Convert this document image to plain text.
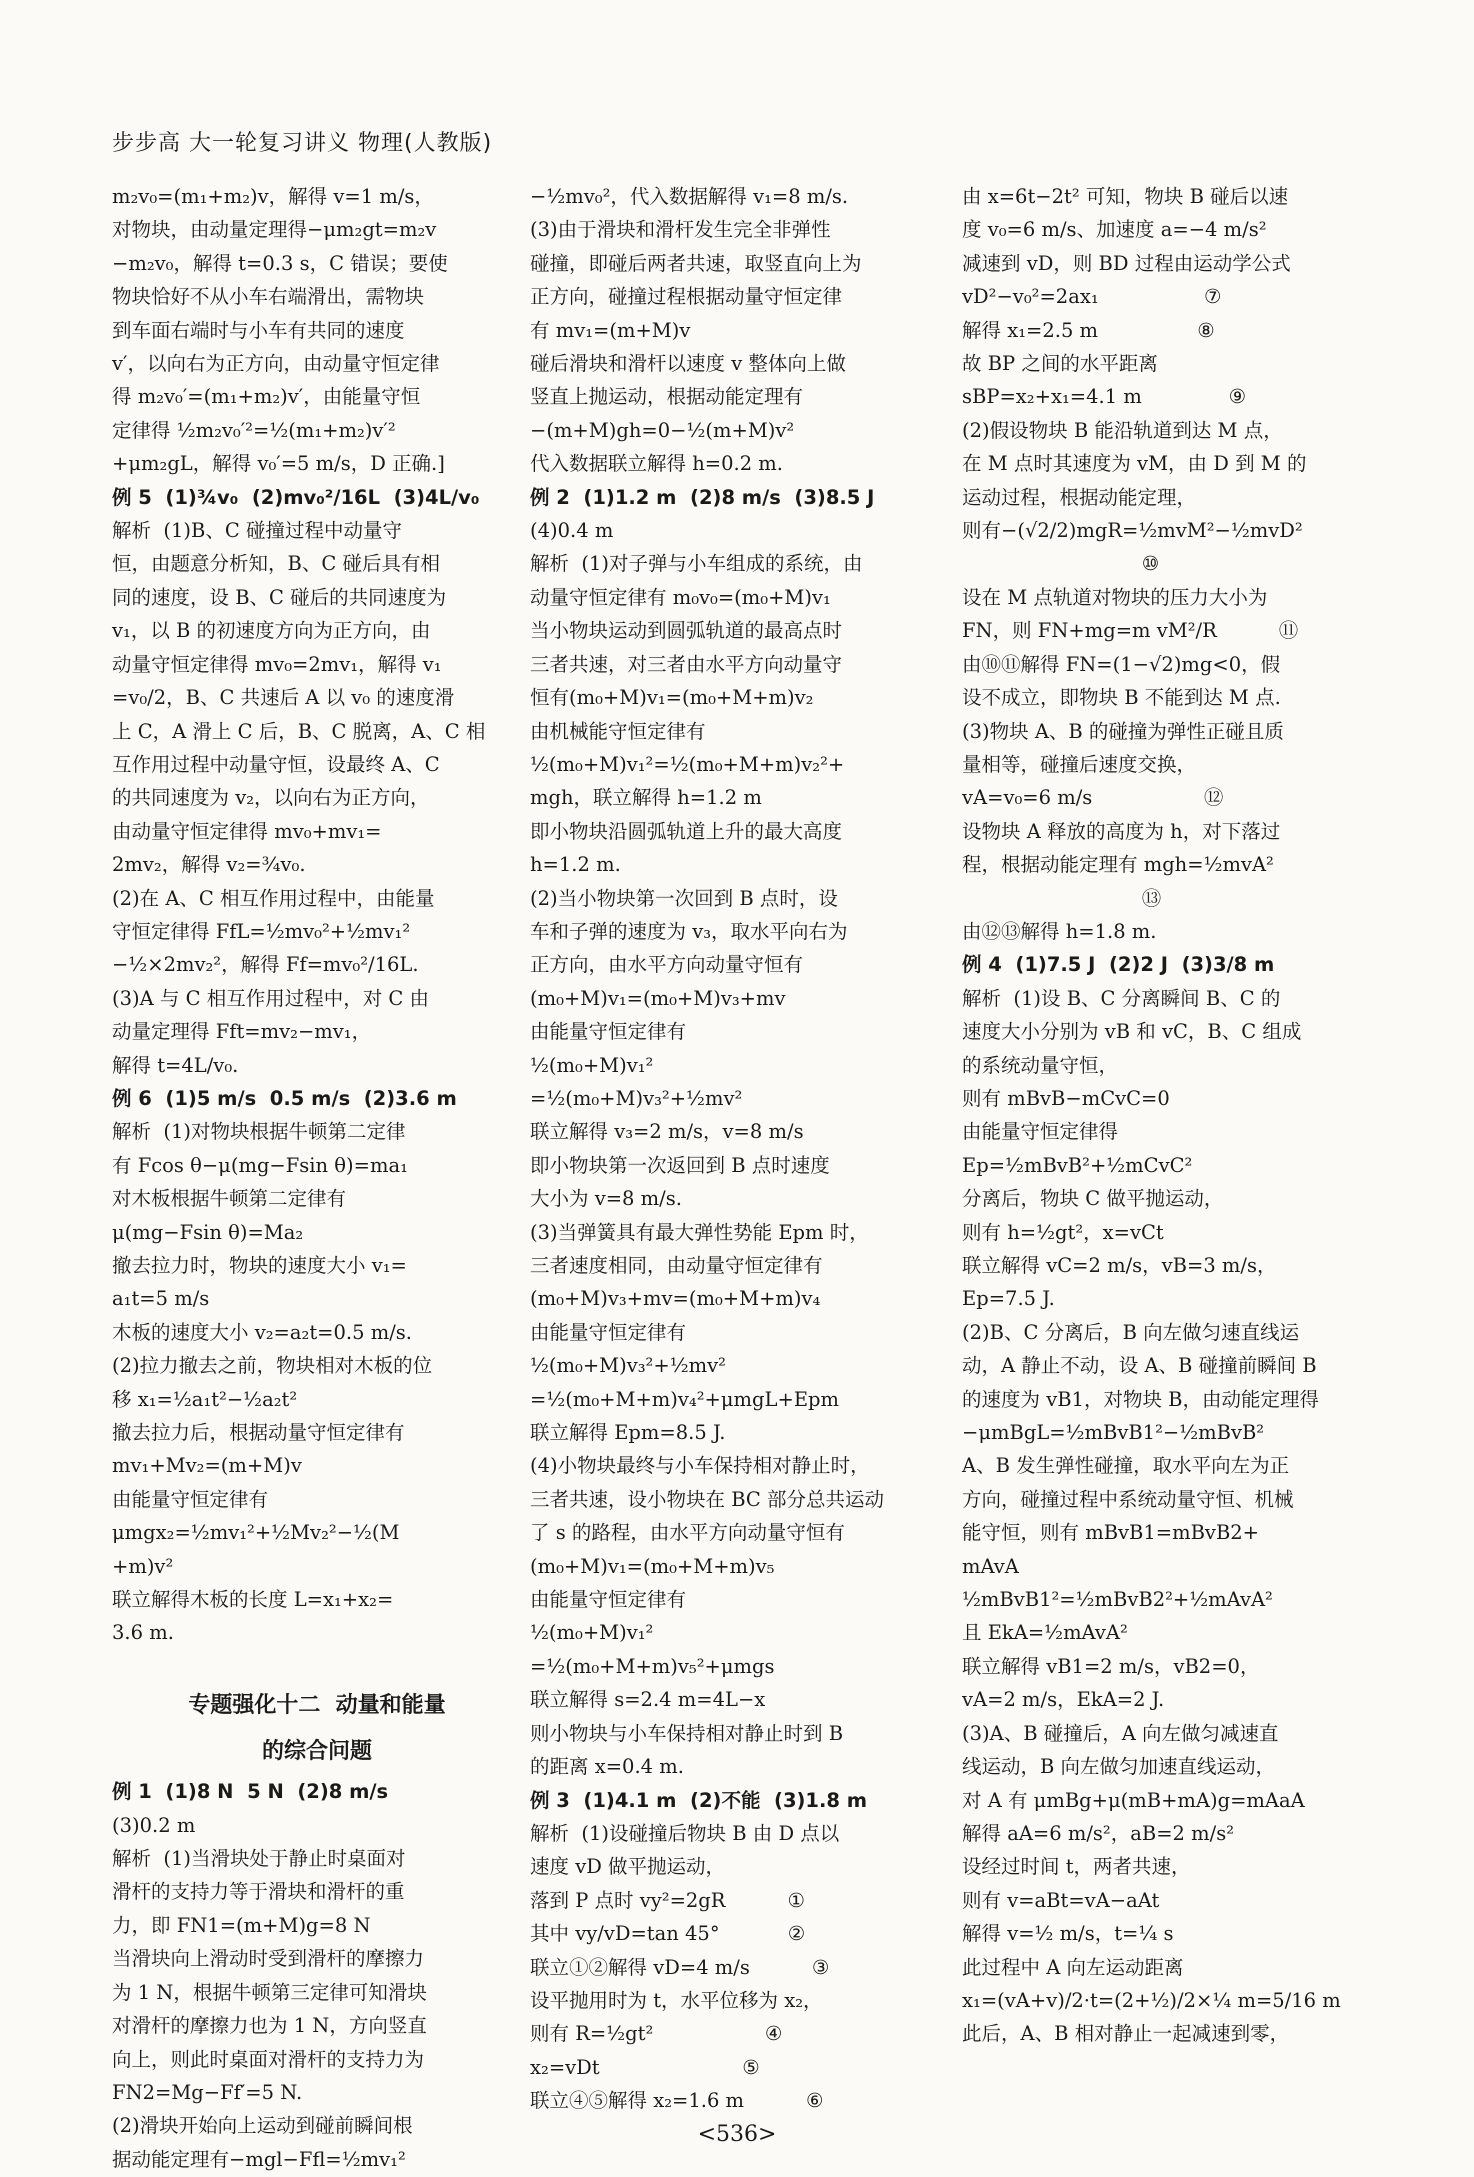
步步高 大一轮复习讲义 物理(人教版)
m₂v₀=(m₁+m₂)v，解得 v=1 m/s，
对物块，由动量定理得−μm₂gt=m₂v
−m₂v₀，解得 t=0.3 s，C 错误；要使
物块恰好不从小车右端滑出，需物块
到车面右端时与小车有共同的速度
v′，以向右为正方向，由动量守恒定律
得 m₂v₀′=(m₁+m₂)v′，由能量守恒
定律得 ½m₂v₀′²=½(m₁+m₂)v′²
+μm₂gL，解得 v₀′=5 m/s，D 正确.]
例 5  (1)¾v₀  (2)mv₀²/16L  (3)4L/v₀
解析  (1)B、C 碰撞过程中动量守
恒，由题意分析知，B、C 碰后具有相
同的速度，设 B、C 碰后的共同速度为
v₁，以 B 的初速度方向为正方向，由
动量守恒定律得 mv₀=2mv₁，解得 v₁
=v₀/2，B、C 共速后 A 以 v₀ 的速度滑
上 C，A 滑上 C 后，B、C 脱离，A、C 相
互作用过程中动量守恒，设最终 A、C
的共同速度为 v₂，以向右为正方向，
由动量守恒定律得 mv₀+mv₁=
2mv₂，解得 v₂=¾v₀.
(2)在 A、C 相互作用过程中，由能量
守恒定律得 FfL=½mv₀²+½mv₁²
−½×2mv₂²，解得 Ff=mv₀²/16L.
(3)A 与 C 相互作用过程中，对 C 由
动量定理得 Fft=mv₂−mv₁，
解得 t=4L/v₀.
例 6  (1)5 m/s  0.5 m/s  (2)3.6 m
解析  (1)对物块根据牛顿第二定律
有 Fcos θ−μ(mg−Fsin θ)=ma₁
对木板根据牛顿第二定律有
μ(mg−Fsin θ)=Ma₂
撤去拉力时，物块的速度大小 v₁=
a₁t=5 m/s
木板的速度大小 v₂=a₂t=0.5 m/s.
(2)拉力撤去之前，物块相对木板的位
移 x₁=½a₁t²−½a₂t²
撤去拉力后，根据动量守恒定律有
mv₁+Mv₂=(m+M)v
由能量守恒定律有
μmgx₂=½mv₁²+½Mv₂²−½(M
+m)v²
联立解得木板的长度 L=x₁+x₂=
3.6 m.
专题强化十二  动量和能量
的综合问题
例 1  (1)8 N  5 N  (2)8 m/s
(3)0.2 m
解析  (1)当滑块处于静止时桌面对
滑杆的支持力等于滑块和滑杆的重
力，即 FN1=(m+M)g=8 N
当滑块向上滑动时受到滑杆的摩擦力
为 1 N，根据牛顿第三定律可知滑块
对滑杆的摩擦力也为 1 N，方向竖直
向上，则此时桌面对滑杆的支持力为
FN2=Mg−Ff′=5 N.
(2)滑块开始向上运动到碰前瞬间根
据动能定理有−mgl−Ffl=½mv₁²
−½mv₀²，代入数据解得 v₁=8 m/s.
(3)由于滑块和滑杆发生完全非弹性
碰撞，即碰后两者共速，取竖直向上为
正方向，碰撞过程根据动量守恒定律
有 mv₁=(m+M)v
碰后滑块和滑杆以速度 v 整体向上做
竖直上抛运动，根据动能定理有
−(m+M)gh=0−½(m+M)v²
代入数据联立解得 h=0.2 m.
例 2  (1)1.2 m  (2)8 m/s  (3)8.5 J
(4)0.4 m
解析  (1)对子弹与小车组成的系统，由
动量守恒定律有 m₀v₀=(m₀+M)v₁
当小物块运动到圆弧轨道的最高点时
三者共速，对三者由水平方向动量守
恒有(m₀+M)v₁=(m₀+M+m)v₂
由机械能守恒定律有
½(m₀+M)v₁²=½(m₀+M+m)v₂²+
mgh，联立解得 h=1.2 m
即小物块沿圆弧轨道上升的最大高度
h=1.2 m.
(2)当小物块第一次回到 B 点时，设
车和子弹的速度为 v₃，取水平向右为
正方向，由水平方向动量守恒有
(m₀+M)v₁=(m₀+M)v₃+mv
由能量守恒定律有
½(m₀+M)v₁²
=½(m₀+M)v₃²+½mv²
联立解得 v₃=2 m/s，v=8 m/s
即小物块第一次返回到 B 点时速度
大小为 v=8 m/s.
(3)当弹簧具有最大弹性势能 Epm 时，
三者速度相同，由动量守恒定律有
(m₀+M)v₃+mv=(m₀+M+m)v₄
由能量守恒定律有
½(m₀+M)v₃²+½mv²
=½(m₀+M+m)v₄²+μmgL+Epm
联立解得 Epm=8.5 J.
(4)小物块最终与小车保持相对静止时，
三者共速，设小物块在 BC 部分总共运动
了 s 的路程，由水平方向动量守恒有
(m₀+M)v₁=(m₀+M+m)v₅
由能量守恒定律有
½(m₀+M)v₁²
=½(m₀+M+m)v₅²+μmgs
联立解得 s=2.4 m=4L−x
则小物块与小车保持相对静止时到 B
的距离 x=0.4 m.
例 3  (1)4.1 m  (2)不能  (3)1.8 m
解析  (1)设碰撞后物块 B 由 D 点以
速度 vD 做平抛运动，
落到 P 点时 vy²=2gR          ①
其中 vy/vD=tan 45°           ②
联立①②解得 vD=4 m/s          ③
设平抛用时为 t，水平位移为 x₂，
则有 R=½gt²                  ④
x₂=vDt                       ⑤
联立④⑤解得 x₂=1.6 m          ⑥
由 x=6t−2t² 可知，物块 B 碰后以速
度 v₀=6 m/s、加速度 a=−4 m/s²
减速到 vD，则 BD 过程由运动学公式
vD²−v₀²=2ax₁                 ⑦
解得 x₁=2.5 m                ⑧
故 BP 之间的水平距离
sBP=x₂+x₁=4.1 m              ⑨
(2)假设物块 B 能沿轨道到达 M 点，
在 M 点时其速度为 vM，由 D 到 M 的
运动过程，根据动能定理，
则有−(√2/2)mgR=½mvM²−½mvD²
⑩
设在 M 点轨道对物块的压力大小为
FN，则 FN+mg=m vM²/R          ⑪
由⑩⑪解得 FN=(1−√2)mg<0，假
设不成立，即物块 B 不能到达 M 点.
(3)物块 A、B 的碰撞为弹性正碰且质
量相等，碰撞后速度交换，
vA=v₀=6 m/s                  ⑫
设物块 A 释放的高度为 h，对下落过
程，根据动能定理有 mgh=½mvA²
⑬
由⑫⑬解得 h=1.8 m.
例 4  (1)7.5 J  (2)2 J  (3)3/8 m
解析  (1)设 B、C 分离瞬间 B、C 的
速度大小分别为 vB 和 vC，B、C 组成
的系统动量守恒，
则有 mBvB−mCvC=0
由能量守恒定律得
Ep=½mBvB²+½mCvC²
分离后，物块 C 做平抛运动，
则有 h=½gt²，x=vCt
联立解得 vC=2 m/s，vB=3 m/s，
Ep=7.5 J.
(2)B、C 分离后，B 向左做匀速直线运
动，A 静止不动，设 A、B 碰撞前瞬间 B
的速度为 vB1，对物块 B，由动能定理得
−μmBgL=½mBvB1²−½mBvB²
A、B 发生弹性碰撞，取水平向左为正
方向，碰撞过程中系统动量守恒、机械
能守恒，则有 mBvB1=mBvB2+
mAvA
½mBvB1²=½mBvB2²+½mAvA²
且 EkA=½mAvA²
联立解得 vB1=2 m/s，vB2=0，
vA=2 m/s，EkA=2 J.
(3)A、B 碰撞后，A 向左做匀减速直
线运动，B 向左做匀加速直线运动，
对 A 有 μmBg+μ(mB+mA)g=mAaA
解得 aA=6 m/s²，aB=2 m/s²
设经过时间 t，两者共速，
则有 v=aBt=vA−aAt
解得 v=½ m/s，t=¼ s
此过程中 A 向左运动距离
x₁=(vA+v)/2·t=(2+½)/2×¼ m=5/16 m
此后，A、B 相对静止一起减速到零，
<536>
